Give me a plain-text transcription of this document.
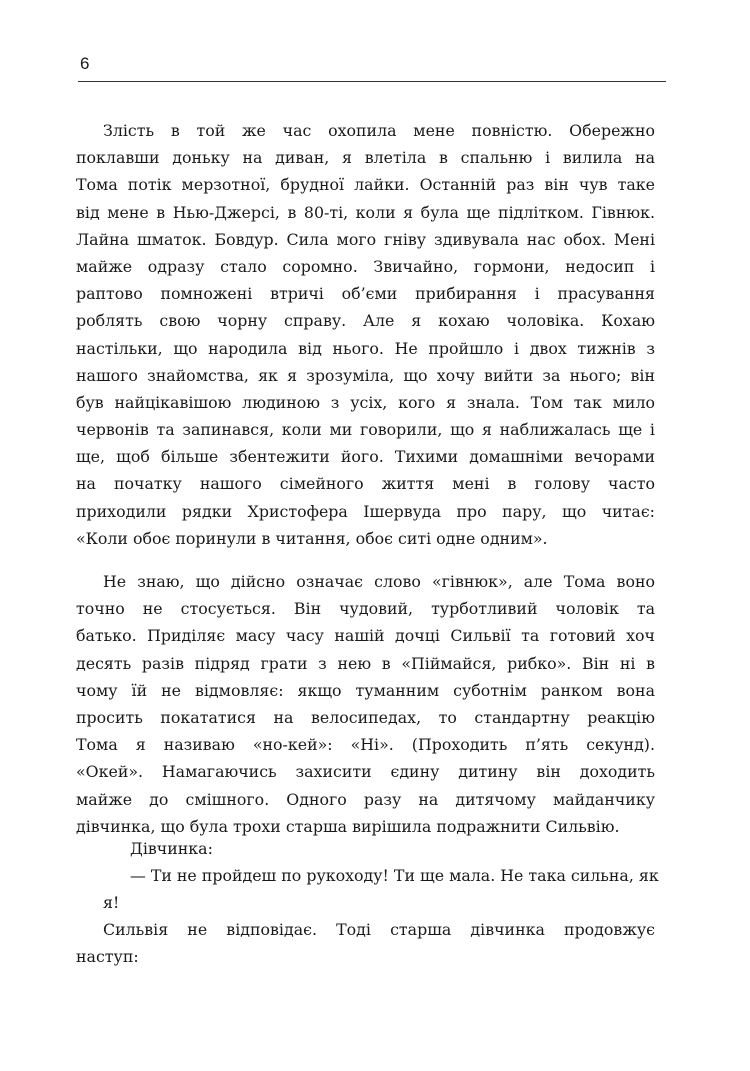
6
Злість в той же час охопила мене повністю. Обережно
поклавши доньку на диван, я влетіла в спальню і вилила на
Тома потік мерзотної, брудної лайки. Останній раз він чув таке
від мене в Нью-Джерсі, в 80-ті, коли я була ще підлітком. Гівнюк.
Лайна шматок. Бовдур. Сила мого гніву здивувала нас обох. Мені
майже одразу стало соромно. Звичайно, гормони, недосип і
раптово помножені втричі об’єми прибирання і прасування
роблять свою чорну справу. Але я кохаю чоловіка. Кохаю
настільки, що народила від нього. Не пройшло і двох тижнів з
нашого знайомства, як я зрозуміла, що хочу вийти за нього; він
був найцікавішою людиною з усіх, кого я знала. Том так мило
червонів та запинався, коли ми говорили, що я наближалась ще і
ще, щоб більше збентежити його. Тихими домашніми вечорами
на початку нашого сімейного життя мені в голову часто
приходили рядки Христофера Ішервуда про пару, що читає:
«Коли обоє поринули в читання, обоє ситі одне одним».
Не знаю, що дійсно означає слово «гівнюк», але Тома воно
точно не стосується. Він чудовий, турботливий чоловік та
батько. Приділяє масу часу нашій дочці Сильвії та готовий хоч
десять разів підряд грати з нею в «Піймайся, рибко». Він ні в
чому їй не відмовляє: якщо туманним суботнім ранком вона
просить покататися на велосипедах, то стандартну реакцію
Тома я називаю «но-кей»: «Ні». (Проходить п’ять секунд).
«Окей». Намагаючись захисити єдину дитину він доходить
майже до смішного. Одного разу на дитячому майданчику
дівчинка, що була трохи старша вирішила подражнити Сильвію.
Дівчинка:
— Ти не пройдеш по рукоходу! Ти ще мала. Не така сильна, як
я!
Сильвія не відповідає. Тоді старша дівчинка продовжує
наступ:
